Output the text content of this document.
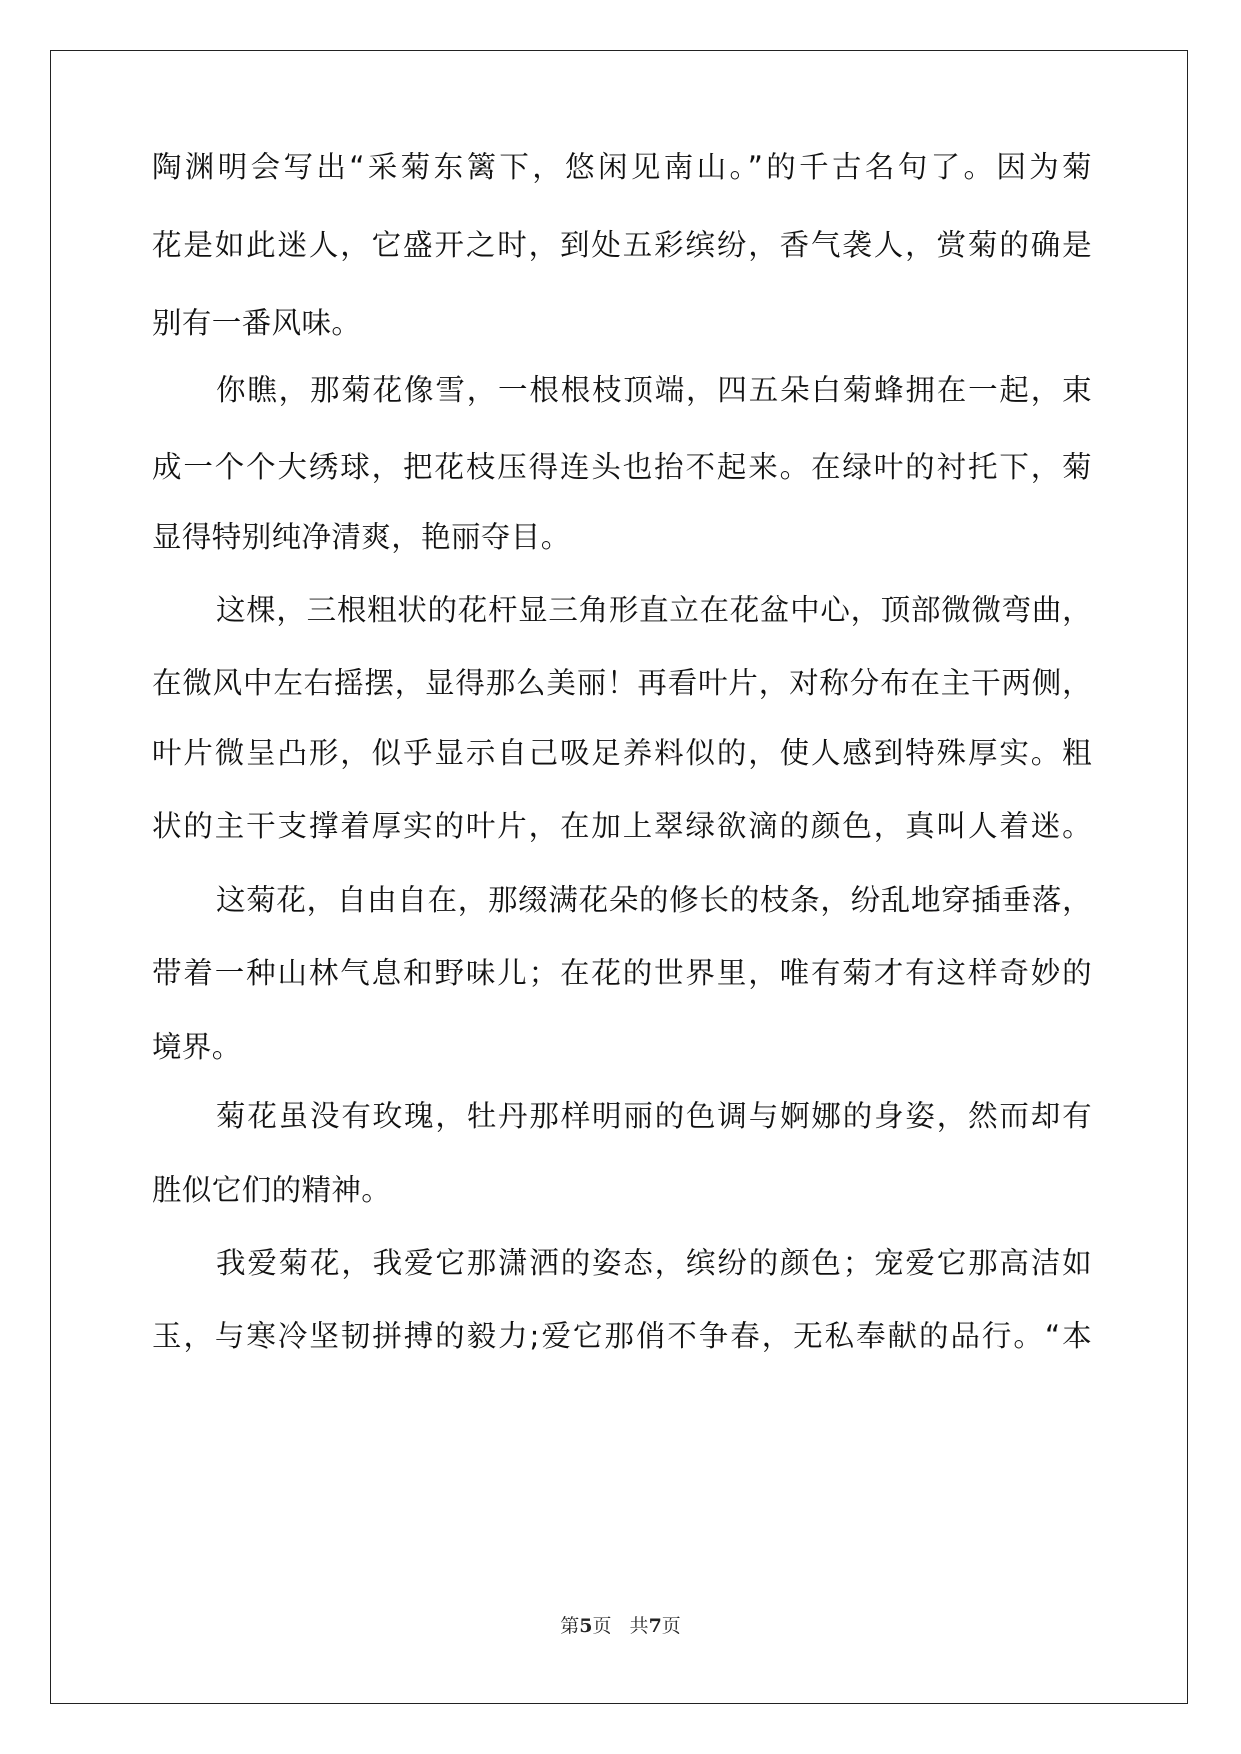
陶渊明会写出“采菊东篱下，悠闲见南山。”的千古名句了。因为菊
花是如此迷人，它盛开之时，到处五彩缤纷，香气袭人，赏菊的确是
别有一番风味。
你瞧，那菊花像雪，一根根枝顶端，四五朵白菊蜂拥在一起，束
成一个个大绣球，把花枝压得连头也抬不起来。在绿叶的衬托下，菊
显得特别纯净清爽，艳丽夺目。
这棵，三根粗状的花杆显三角形直立在花盆中心，顶部微微弯曲，
在微风中左右摇摆，显得那么美丽！再看叶片，对称分布在主干两侧，
叶片微呈凸形，似乎显示自己吸足养料似的，使人感到特殊厚实。粗
状的主干支撑着厚实的叶片，在加上翠绿欲滴的颜色，真叫人着迷。
这菊花，自由自在，那缀满花朵的修长的枝条，纷乱地穿插垂落，
带着一种山林气息和野味儿；在花的世界里，唯有菊才有这样奇妙的
境界。
菊花虽没有玫瑰，牡丹那样明丽的色调与婀娜的身姿，然而却有
胜似它们的精神。
我爱菊花，我爱它那潇洒的姿态，缤纷的颜色；宠爱它那高洁如
玉，与寒冷坚韧拼搏的毅力;爱它那俏不争春，无私奉献的品行。“本
第5页   共7页
